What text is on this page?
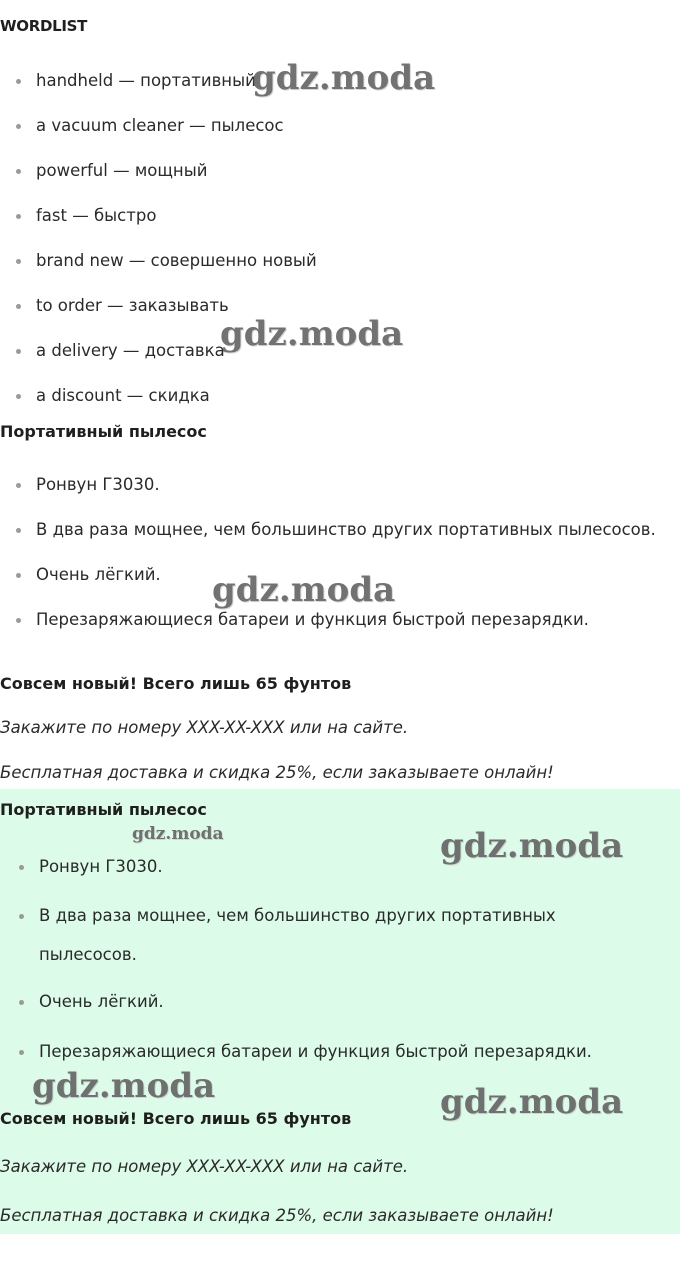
WORDLIST
handheld — портативный
a vacuum cleaner — пылесос
powerful — мощный
fast — быстро
brand new — совершенно новый
to order — заказывать
a delivery — доставка
a discount — скидка
Портативный пылесос
Ронвун Г3030.
В два раза мощнее, чем большинство других портативных пылесосов.
Очень лёгкий.
Перезаряжающиеся батареи и функция быстрой перезарядки.
Совсем новый! Всего лишь 65 фунтов
Закажите по номеру XXX-XX-XXX или на сайте.
Бесплатная доставка и скидка 25%, если заказываете онлайн!
Портативный пылесос
Ронвун Г3030.
В два раза мощнее, чем большинство других портативных
пылесосов.
Очень лёгкий.
Перезаряжающиеся батареи и функция быстрой перезарядки.
Совсем новый! Всего лишь 65 фунтов
Закажите по номеру XXX-XX-XXX или на сайте.
Бесплатная доставка и скидка 25%, если заказываете онлайн!
gdz.moda
gdz.moda
gdz.moda
gdz.moda	gdz.moda
gdz.moda	gdz.moda
